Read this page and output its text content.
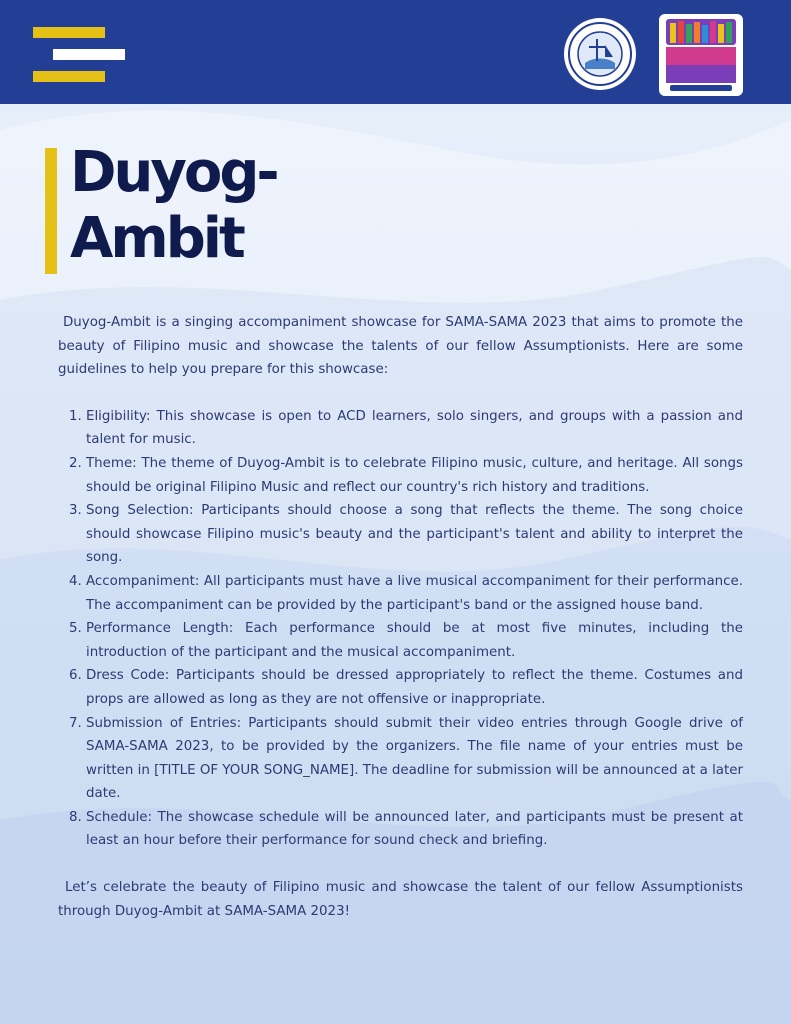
Duyog-
Ambit

Duyog-Ambit is a singing accompaniment showcase for SAMA-SAMA 2023 that aims to promote the beauty of Filipino music and showcase the talents of our fellow Assumptionists. Here are some guidelines to help you prepare for this showcase:

1. Eligibility: This showcase is open to ACD learners, solo singers, and groups with a passion and talent for music.
2. Theme: The theme of Duyog-Ambit is to celebrate Filipino music, culture, and heritage. All songs should be original Filipino Music and reflect our country's rich history and traditions.
3. Song Selection: Participants should choose a song that reflects the theme. The song choice should showcase Filipino music's beauty and the participant's talent and ability to interpret the song.
4. Accompaniment: All participants must have a live musical accompaniment for their performance. The accompaniment can be provided by the participant's band or the assigned house band.
5. Performance Length: Each performance should be at most five minutes, including the introduction of the participant and the musical accompaniment.
6. Dress Code: Participants should be dressed appropriately to reflect the theme. Costumes and props are allowed as long as they are not offensive or inappropriate.
7. Submission of Entries: Participants should submit their video entries through Google drive of SAMA-SAMA 2023, to be provided by the organizers. The file name of your entries must be written in [TITLE OF YOUR SONG_NAME]. The deadline for submission will be announced at a later date.
8. Schedule: The showcase schedule will be announced later, and participants must be present at least an hour before their performance for sound check and briefing.

Let’s celebrate the beauty of Filipino music and showcase the talent of our fellow Assumptionists through Duyog-Ambit at SAMA-SAMA 2023!
